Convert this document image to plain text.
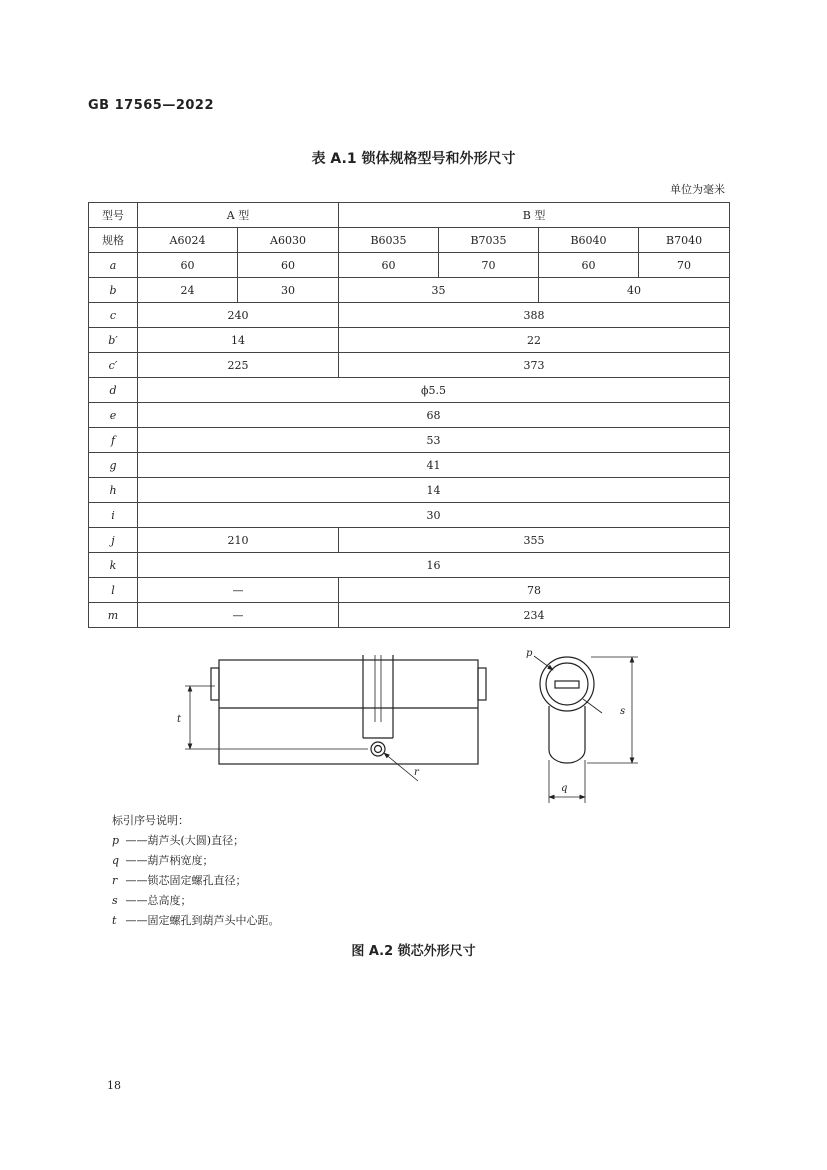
GB 17565—2022
表 A.1 锁体规格型号和外形尺寸
单位为毫米
型号	A 型		B 型			
规格	A6024	A6030	B6035	B7035	B6040	B7040
a	60	60	60	70	60	70
b	24	30	35		40	
c	240		388			
b′	14		22			
c′	225		373			
d	ϕ5.5					
e	68					
f	53					
g	41					
h	14					
i	30					
j	210		355			
k	16					
l	—		78			
m	—		234			
t
r
p
s
q
标引序号说明：
p ——葫芦头(大圆)直径；
q ——葫芦柄宽度；
r ——锁芯固定螺孔直径；
s ——总高度；
t ——固定螺孔到葫芦头中心距。
图 A.2 锁芯外形尺寸
18
